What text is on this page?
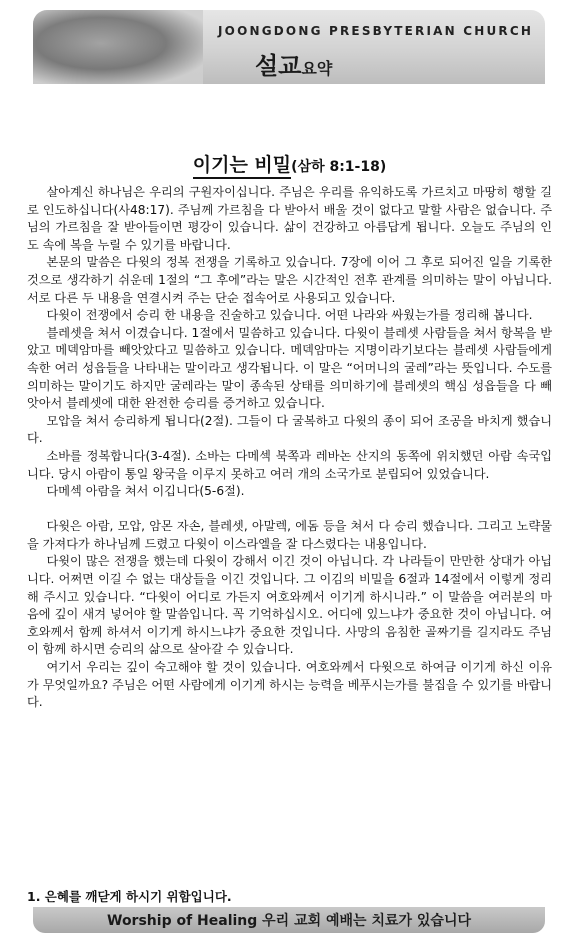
JOONGDONG PRESBYTERIAN CHURCH
설교요약
이기는 비밀(삼하 8:1-18)

살아계신 하나님은 우리의 구원자이십니다. 주님은 우리를 유익하도록 가르치고 마땅히 행할 길로 인도하십니다(사48:17). 주님께 가르침을 다 받아서 배울 것이 없다고 말할 사람은 없습니다. 주님의 가르침을 잘 받아들이면 평강이 있습니다. 삶이 건강하고 아름답게 됩니다. 오늘도 주님의 인도 속에 복을 누릴 수 있기를 바랍니다.

본문의 말씀은 다윗의 정복 전쟁을 기록하고 있습니다. 7장에 이어 그 후로 되어진 일을 기록한 것으로 생각하기 쉬운데 1절의 “그 후에”라는 말은 시간적인 전후 관계를 의미하는 말이 아닙니다. 서로 다른 두 내용을 연결시켜 주는 단순 접속어로 사용되고 있습니다.

다윗이 전쟁에서 승리 한 내용을 진술하고 있습니다. 어떤 나라와 싸웠는가를 정리해 봅니다.

블레셋을 쳐서 이겼습니다. 1절에서 밀씀하고 있습니다. 다윗이 블레셋 사람들을 쳐서 항복을 받았고 메덱암마를 빼앗았다고 밀씀하고 있습니다. 메덱암마는 지명이라기보다는 블레셋 사람들에게 속한 여러 성읍들을 나타내는 말이라고 생각됩니다. 이 말은 “어머니의 굴레”라는 뜻입니다. 수도를 의미하는 말이기도 하지만 굴레라는 말이 종속된 상태를 의미하기에 블레셋의 핵심 성읍들을 다 빼앗아서 블레셋에 대한 완전한 승리를 증거하고 있습니다.

모압을 쳐서 승리하게 됩니다(2절). 그들이 다 굴복하고 다윗의 종이 되어 조공을 바치게 했습니다.

소바를 정복합니다(3-4절). 소바는 다메섹 북쪽과 레바논 산지의 동쪽에 위치했던 아람 속국입니다. 당시 아람이 통일 왕국을 이루지 못하고 여러 개의 소국가로 분립되어 있었습니다.

다메섹 아람을 쳐서 이깁니다(5-6절).

다윗은 아람, 모압, 암몬 자손, 블레셋, 아말렉, 에돔 등을 쳐서 다 승리 했습니다. 그리고 노략물을 가져다가 하나님께 드렸고 다윗이 이스라엘을 잘 다스렸다는 내용입니다.

다윗이 많은 전쟁을 했는데 다윗이 강해서 이긴 것이 아닙니다. 각 나라들이 만만한 상대가 아닙니다. 어쩌면 이길 수 없는 대상들을 이긴 것입니다. 그 이김의 비밀을 6절과 14절에서 이렇게 정리해 주시고 있습니다. “다윗이 어디로 가든지 여호와께서 이기게 하시니라.” 이 말씀을 여러분의 마음에 깊이 새겨 넣어야 할 말씀입니다. 꼭 기억하십시오. 어디에 있느냐가 중요한 것이 아닙니다. 여호와께서 함께 하셔서 이기게 하시느냐가 중요한 것입니다. 사망의 음침한 골짜기를 길지라도 주님이 함께 하시면 승리의 삶으로 살아갈 수 있습니다.

여기서 우리는 깊이 숙고해야 할 것이 있습니다. 여호와께서 다윗으로 하여금 이기게 하신 이유가 무엇일까요? 주님은 어떤 사람에게 이기게 하시는 능력을 베푸시는가를 불집을 수 있기를 바랍니다.

1. 은혜를 깨닫게 하시기 위함입니다.
Worship of Healing 우리 교회 예배는 치료가 있습니다
